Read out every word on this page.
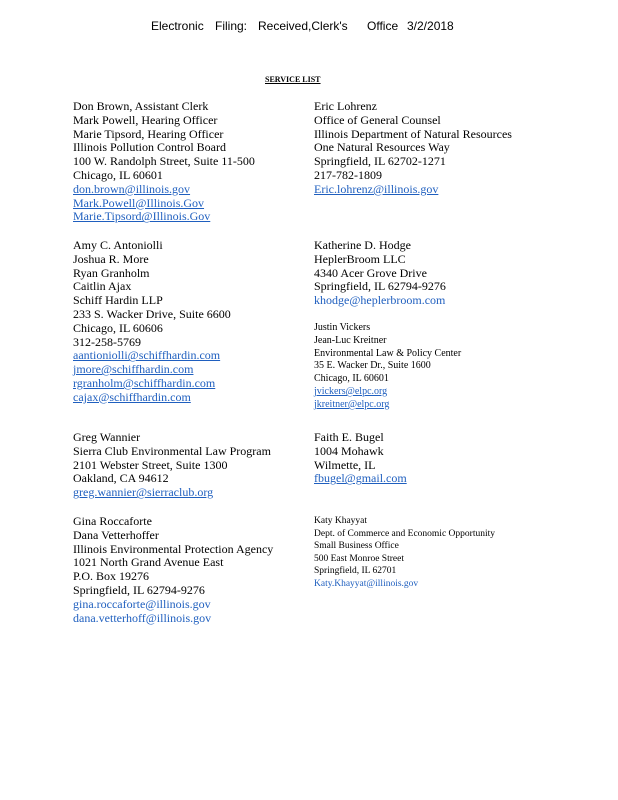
Electronic Filing: Received,Clerk's Office 3/2/2018
SERVICE LIST
Don Brown, Assistant Clerk
Mark Powell, Hearing Officer
Marie Tipsord, Hearing Officer
Illinois Pollution Control Board
100 W. Randolph Street, Suite 11-500
Chicago, IL 60601
don.brown@illinois.gov
Mark.Powell@Illinois.Gov
Marie.Tipsord@Illinois.Gov
Amy C. Antoniolli
Joshua R. More
Ryan Granholm
Caitlin Ajax
Schiff Hardin LLP
233 S. Wacker Drive, Suite 6600
Chicago, IL 60606
312-258-5769
aantioniolli@schiffhardin.com
jmore@schiffhardin.com
rgranholm@schiffhardin.com
cajax@schiffhardin.com
Greg Wannier
Sierra Club Environmental Law Program
2101 Webster Street, Suite 1300
Oakland, CA 94612
greg.wannier@sierraclub.org
Gina Roccaforte
Dana Vetterhoffer
Illinois Environmental Protection Agency
1021 North Grand Avenue East
P.O. Box 19276
Springfield, IL 62794-9276
gina.roccaforte@illinois.gov
dana.vetterhoff@illinois.gov
Eric Lohrenz
Office of General Counsel
Illinois Department of Natural Resources
One Natural Resources Way
Springfield, IL 62702-1271
217-782-1809
Eric.lohrenz@illinois.gov
Katherine D. Hodge
HeplerBroom LLC
4340 Acer Grove Drive
Springfield, IL 62794-9276
khodge@heplerbroom.com
Justin Vickers
Jean-Luc Kreitner
Environmental Law & Policy Center
35 E. Wacker Dr., Suite 1600
Chicago, IL 60601
jvickers@elpc.org
jkreitner@elpc.org
Faith E. Bugel
1004 Mohawk
Wilmette, IL
fbugel@gmail.com
Katy Khayyat
Dept. of Commerce and Economic Opportunity
Small Business Office
500 East Monroe Street
Springfield, IL 62701
Katy.Khayyat@illinois.gov
